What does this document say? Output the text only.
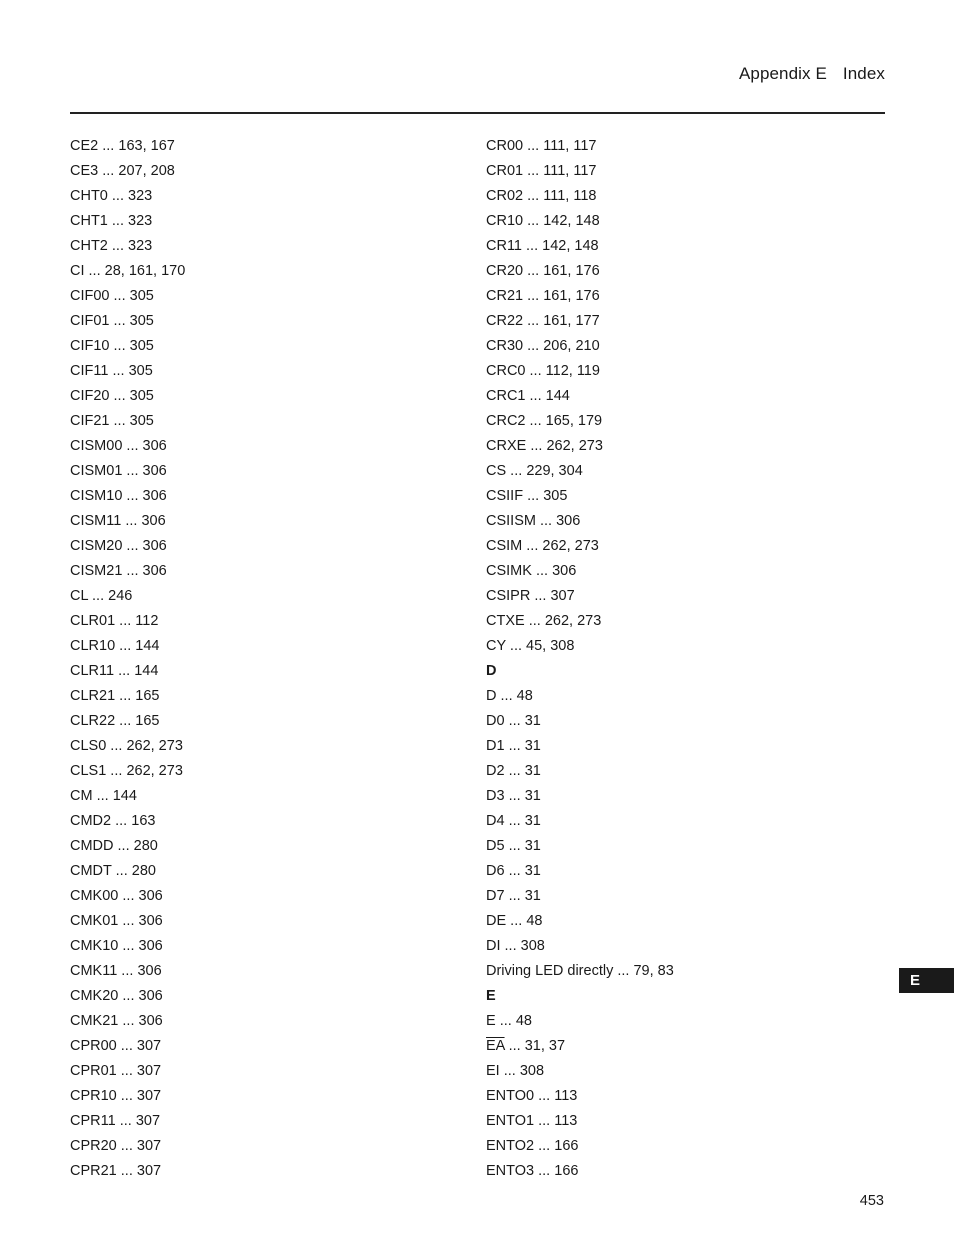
Appendix E Index
CE2 ... 163, 167
CE3 ... 207, 208
CHT0 ... 323
CHT1 ... 323
CHT2 ... 323
CI ... 28, 161, 170
CIF00 ... 305
CIF01 ... 305
CIF10 ... 305
CIF11 ... 305
CIF20 ... 305
CIF21 ... 305
CISM00 ... 306
CISM01 ... 306
CISM10 ... 306
CISM11 ... 306
CISM20 ... 306
CISM21 ... 306
CL ... 246
CLR01 ... 112
CLR10 ... 144
CLR11 ... 144
CLR21 ... 165
CLR22 ... 165
CLS0 ... 262, 273
CLS1 ... 262, 273
CM ... 144
CMD2 ... 163
CMDD ... 280
CMDT ... 280
CMK00 ... 306
CMK01 ... 306
CMK10 ... 306
CMK11 ... 306
CMK20 ... 306
CMK21 ... 306
CPR00 ... 307
CPR01 ... 307
CPR10 ... 307
CPR11 ... 307
CPR20 ... 307
CPR21 ... 307
CR00 ... 111, 117
CR01 ... 111, 117
CR02 ... 111, 118
CR10 ... 142, 148
CR11 ... 142, 148
CR20 ... 161, 176
CR21 ... 161, 176
CR22 ... 161, 177
CR30 ... 206, 210
CRC0 ... 112, 119
CRC1 ... 144
CRC2 ... 165, 179
CRXE ... 262, 273
CS ... 229, 304
CSIIF ... 305
CSIISM ... 306
CSIM ... 262, 273
CSIMK ... 306
CSIPR ... 307
CTXE ... 262, 273
CY ... 45, 308
D
D ... 48
D0 ... 31
D1 ... 31
D2 ... 31
D3 ... 31
D4 ... 31
D5 ... 31
D6 ... 31
D7 ... 31
DE ... 48
DI ... 308
Driving LED directly ... 79, 83
E
E ... 48
$\overline{EA}$ ... 31, 37
EI ... 308
ENTO0 ... 113
ENTO1 ... 113
ENTO2 ... 166
ENTO3 ... 166
E
453
